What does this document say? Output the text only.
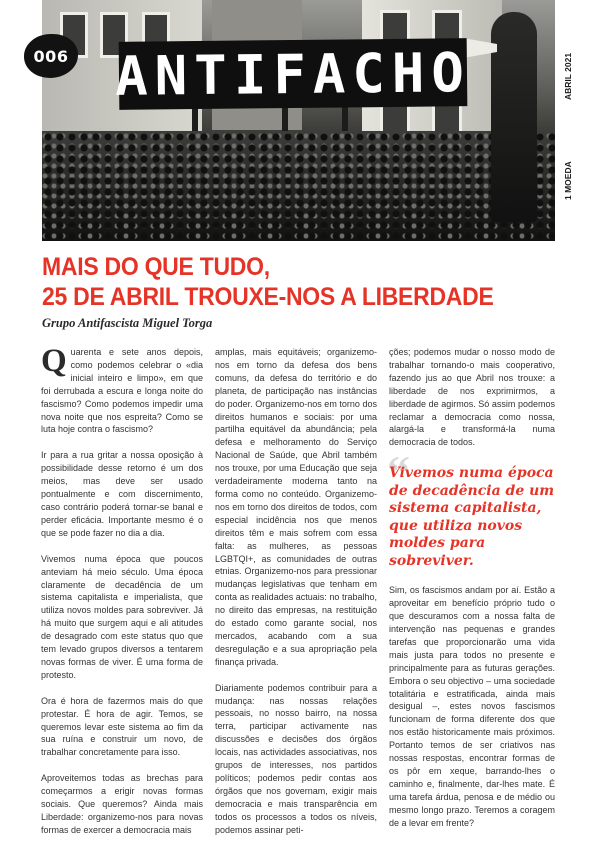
006 ANTIFACHO	ABRIL 2021
1 MOEDA
MAIS DO QUE TUDO,
25 DE ABRIL TROUXE-NOS A LIBERDADE
Grupo Antifascista Miguel Torga

Quarenta e sete anos depois, como podemos celebrar o «dia inicial inteiro e limpo», em que foi derrubada a escura e longa noite do fascismo? Como podemos impedir uma nova noite que nos espreita? Como se luta hoje contra o fascismo?

Ir para a rua gritar a nossa oposição à possibilidade desse retorno é um dos meios, mas deve ser usado pontualmente e com discernimento, caso contrário poderá tornar-se banal e perder eficácia. Importante mesmo é o que se pode fazer no dia a dia.

Vivemos numa época que poucos anteviam há meio século. Uma época claramente de decadência de um sistema capitalista e imperialista, que utiliza novos moldes para sobreviver. Já há muito que surgem aqui e ali atitudes de desagrado com este status quo que tem levado grupos diversos a tentarem novas formas de viver. É uma forma de protesto.

Ora é hora de fazermos mais do que protestar. É hora de agir. Temos, se queremos levar este sistema ao fim da sua ruína e construir um novo, de trabalhar concretamente para isso.

Aproveitemos todas as brechas para começarmos a erigir novas formas sociais. Que queremos? Ainda mais Liberdade: organizemo-nos para novas formas de exercer a democracia mais

amplas, mais equitáveis; organizemo-nos em torno da defesa dos bens comuns, da defesa do território e do planeta, de participação nas instâncias do poder. Organizemo-nos em torno dos direitos humanos e sociais: por uma partilha equitável da abundância; pela defesa e melhoramento do Serviço Nacional de Saúde, que Abril também nos trouxe, por uma Educação que seja verdadeiramente moderna tanto na forma como no conteúdo. Organizemo-nos em torno dos direitos de todos, com especial incidência nos que menos direitos têm e mais sofrem com essa falta: as mulheres, as pessoas LGBTQI+, as comunidades de outras etnias. Organizemo-nos para pressionar mudanças legislativas que tenham em conta as realidades actuais: no trabalho, no direito das empresas, na restituição do estado como garante social, nos mercados, acabando com a sua desregulação e a sua apropriação pela finança privada.

Diariamente podemos contribuir para a mudança: nas nossas relações pessoais, no nosso bairro, na nossa terra, participar activamente nas discussões e decisões dos órgãos locais, nas actividades associativas, nos grupos de interesses, nos partidos políticos; podemos pedir contas aos órgãos que nos governam, exigir mais democracia e mais transparência em todos os processos a todos os níveis, podemos assinar peti-

ções; podemos mudar o nosso modo de trabalhar tornando-o mais cooperativo, fazendo jus ao que Abril nos trouxe: a liberdade de nos exprimirmos, a liberdade de agirmos. Só assim podemos reclamar a democracia como nossa, alargá-la e transformá-la numa democracia de todos.

“
Vivemos numa época de decadência de um sistema capitalista, que utiliza novos moldes para sobreviver.

Sim, os fascismos andam por aí. Estão a aproveitar em benefício próprio tudo o que descuramos com a nossa falta de intervenção nas pequenas e grandes tarefas que proporcionarão uma vida mais justa para todos no presente e principalmente para as futuras gerações. Embora o seu objectivo – uma sociedade totalitária e estratificada, ainda mais desigual –, estes novos fascismos funcionam de forma diferente dos que nos estão historicamente mais próximos. Portanto temos de ser criativos nas nossas respostas, encontrar formas de os pôr em xeque, barrando-lhes o caminho e, finalmente, dar-lhes mate. É uma tarefa árdua, penosa e de médio ou mesmo longo prazo. Teremos a coragem de a levar em frente?
